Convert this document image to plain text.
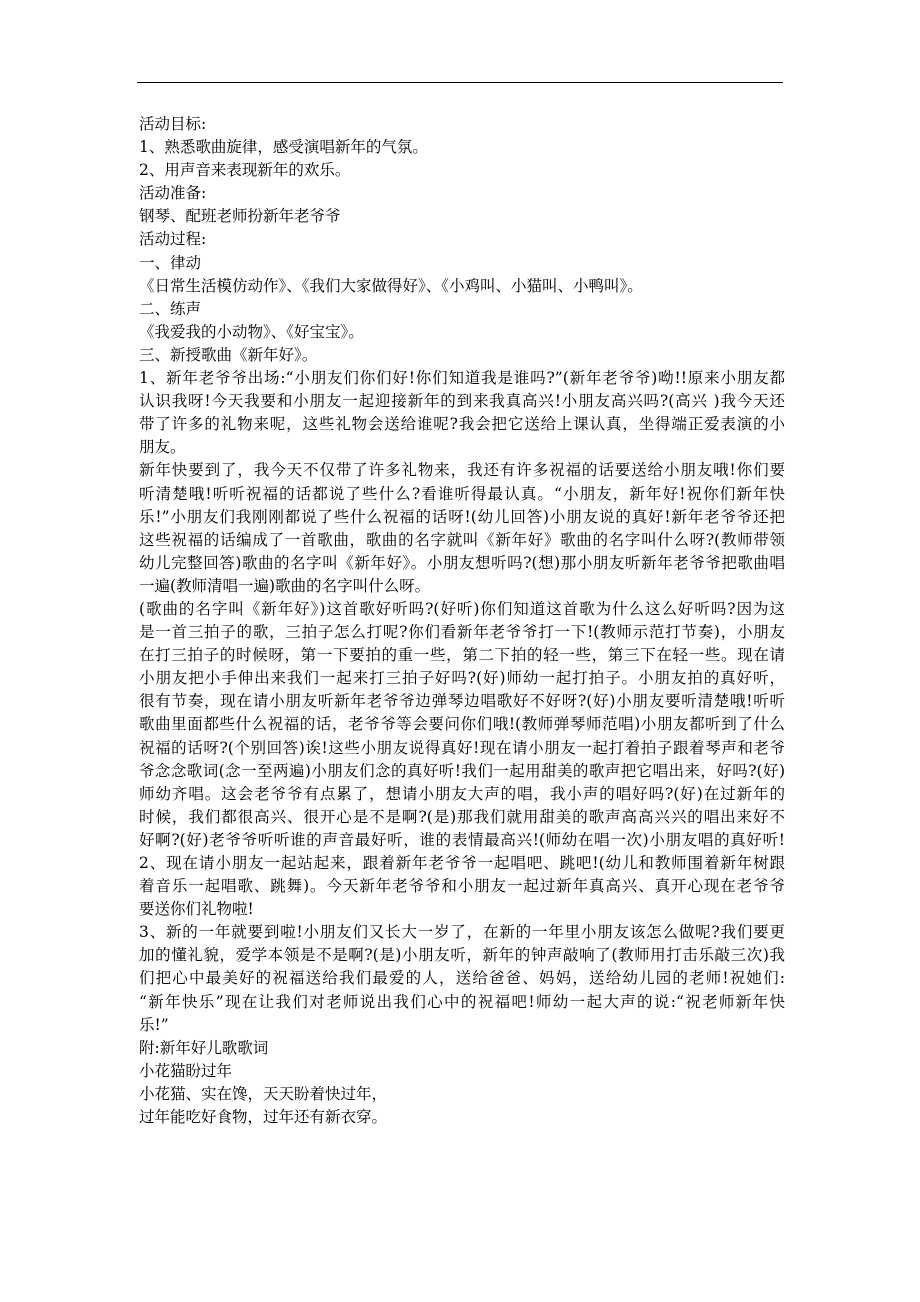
活动目标:
1、熟悉歌曲旋律，感受演唱新年的气氛。
2、用声音来表现新年的欢乐。
活动准备:
钢琴、配班老师扮新年老爷爷
活动过程:
一、律动
《日常生活模仿动作》、《我们大家做得好》、《小鸡叫、小猫叫、小鸭叫》。
二、练声
《我爱我的小动物》、《好宝宝》。
三、新授歌曲《新年好》。
1、新年老爷爷出场:“小朋友们你们好!你们知道我是谁吗?”(新年老爷爷)呦!!原来小朋友都
认识我呀!今天我要和小朋友一起迎接新年的到来我真高兴!小朋友高兴吗?(高兴 )我今天还
带了许多的礼物来呢，这些礼物会送给谁呢?我会把它送给上课认真，坐得端正爱表演的小
朋友。
新年快要到了，我今天不仅带了许多礼物来，我还有许多祝福的话要送给小朋友哦!你们要
听清楚哦!听听祝福的话都说了些什么?看谁听得最认真。“小朋友，新年好!祝你们新年快
乐!”小朋友们我刚刚都说了些什么祝福的话呀!(幼儿回答)小朋友说的真好!新年老爷爷还把
这些祝福的话编成了一首歌曲，歌曲的名字就叫《新年好》歌曲的名字叫什么呀?(教师带领
幼儿完整回答)歌曲的名字叫《新年好》。小朋友想听吗?(想)那小朋友听新年老爷爷把歌曲唱
一遍(教师清唱一遍)歌曲的名字叫什么呀。
(歌曲的名字叫《新年好》)这首歌好听吗?(好听)你们知道这首歌为什么这么好听吗?因为这
是一首三拍子的歌，三拍子怎么打呢?你们看新年老爷爷打一下!(教师示范打节奏)，小朋友
在打三拍子的时候呀，第一下要拍的重一些，第二下拍的轻一些，第三下在轻一些。现在请
小朋友把小手伸出来我们一起来打三拍子好吗?(好)师幼一起打拍子。小朋友拍的真好听，
很有节奏，现在请小朋友听新年老爷爷边弹琴边唱歌好不好呀?(好)小朋友要听清楚哦!听听
歌曲里面都些什么祝福的话，老爷爷等会要问你们哦!(教师弹琴师范唱)小朋友都听到了什么
祝福的话呀?(个别回答)诶!这些小朋友说得真好!现在请小朋友一起打着拍子跟着琴声和老爷
爷念念歌词(念一至两遍)小朋友们念的真好听!我们一起用甜美的歌声把它唱出来，好吗?(好)
师幼齐唱。这会老爷爷有点累了，想请小朋友大声的唱，我小声的唱好吗?(好)在过新年的
时候，我们都很高兴、很开心是不是啊?(是)那我们就用甜美的歌声高高兴兴的唱出来好不
好啊?(好)老爷爷听听谁的声音最好听，谁的表情最高兴!(师幼在唱一次)小朋友唱的真好听!
2、现在请小朋友一起站起来，跟着新年老爷爷一起唱吧、跳吧!(幼儿和教师围着新年树跟
着音乐一起唱歌、跳舞)。今天新年老爷爷和小朋友一起过新年真高兴、真开心现在老爷爷
要送你们礼物啦!
3、新的一年就要到啦!小朋友们又长大一岁了，在新的一年里小朋友该怎么做呢?我们要更
加的懂礼貌，爱学本领是不是啊?(是)小朋友听，新年的钟声敲响了(教师用打击乐敲三次)我
们把心中最美好的祝福送给我们最爱的人，送给爸爸、妈妈，送给幼儿园的老师!祝她们:
“新年快乐”现在让我们对老师说出我们心中的祝福吧!师幼一起大声的说:“祝老师新年快
乐!”
附:新年好儿歌歌词
小花猫盼过年
小花猫、实在馋，天天盼着快过年，
过年能吃好食物，过年还有新衣穿。
